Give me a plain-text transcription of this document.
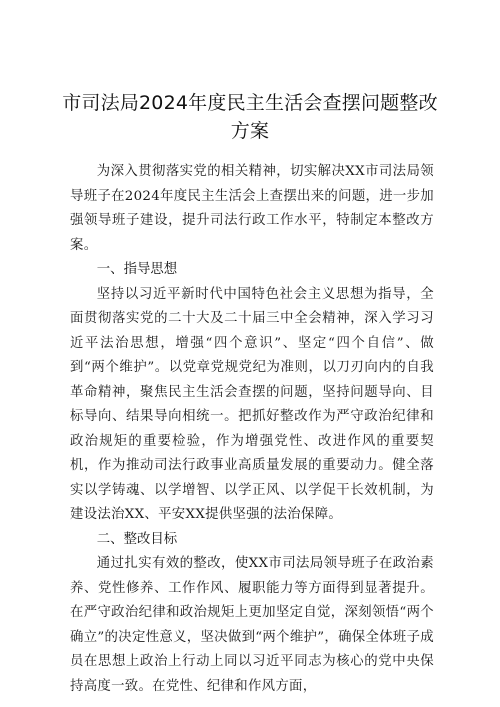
市司法局2024年度民主生活会查摆问题整改
方案

为深入贯彻落实党的相关精神，切实解决XX市司法局领导班子在2024年度民主生活会上查摆出来的问题，进一步加强领导班子建设，提升司法行政工作水平，特制定本整改方案。

一、指导思想

坚持以习近平新时代中国特色社会主义思想为指导，全面贯彻落实党的二十大及二十届三中全会精神，深入学习习近平法治思想，增强“四个意识”、坚定“四个自信”、做到“两个维护”。以党章党规党纪为准则，以刀刃向内的自我革命精神，聚焦民主生活会查摆的问题，坚持问题导向、目标导向、结果导向相统一。把抓好整改作为严守政治纪律和政治规矩的重要检验，作为增强党性、改进作风的重要契机，作为推动司法行政事业高质量发展的重要动力。健全落实以学铸魂、以学增智、以学正风、以学促干长效机制，为建设法治XX、平安XX提供坚强的法治保障。

二、整改目标

通过扎实有效的整改，使XX市司法局领导班子在政治素养、党性修养、工作作风、履职能力等方面得到显著提升。在严守政治纪律和政治规矩上更加坚定自觉，深刻领悟“两个确立”的决定性意义，坚决做到“两个维护”，确保全体班子成员在思想上政治上行动上同以习近平同志为核心的党中央保持高度一致。在党性、纪律和作风方面，
